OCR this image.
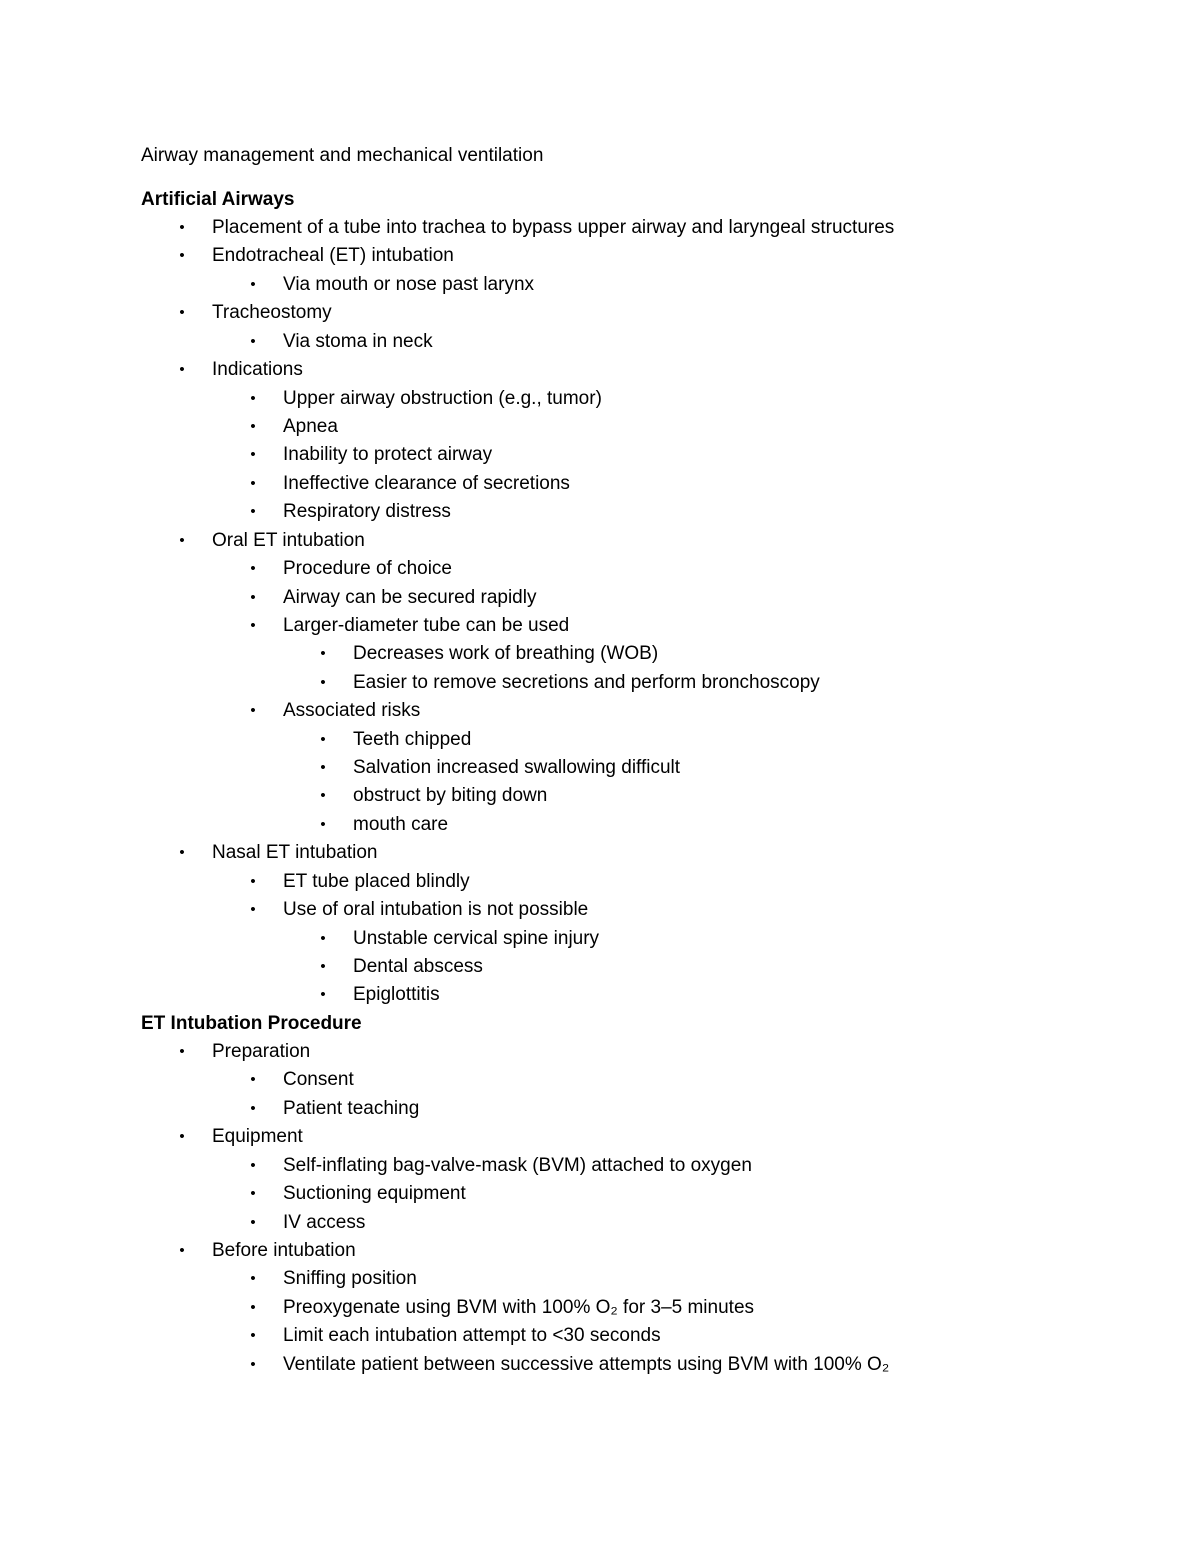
Airway management and mechanical ventilation
Artificial Airways
• Placement of a tube into trachea to bypass upper airway and laryngeal structures
• Endotracheal (ET) intubation
• Via mouth or nose past larynx
• Tracheostomy
• Via stoma in neck
• Indications
• Upper airway obstruction (e.g., tumor)
• Apnea
• Inability to protect airway
• Ineffective clearance of secretions
• Respiratory distress
• Oral ET intubation
• Procedure of choice
• Airway can be secured rapidly
• Larger-diameter tube can be used
• Decreases work of breathing (WOB)
• Easier to remove secretions and perform bronchoscopy
• Associated risks
• Teeth chipped
• Salvation increased swallowing difficult
• obstruct by biting down
• mouth care
• Nasal ET intubation
• ET tube placed blindly
• Use of oral intubation is not possible
• Unstable cervical spine injury
• Dental abscess
• Epiglottitis
ET Intubation Procedure
• Preparation
• Consent
• Patient teaching
• Equipment
• Self-inflating bag-valve-mask (BVM) attached to oxygen
• Suctioning equipment
• IV access
• Before intubation
• Sniffing position
• Preoxygenate using BVM with 100% O₂ for 3–5 minutes
• Limit each intubation attempt to <30 seconds
• Ventilate patient between successive attempts using BVM with 100% O₂
